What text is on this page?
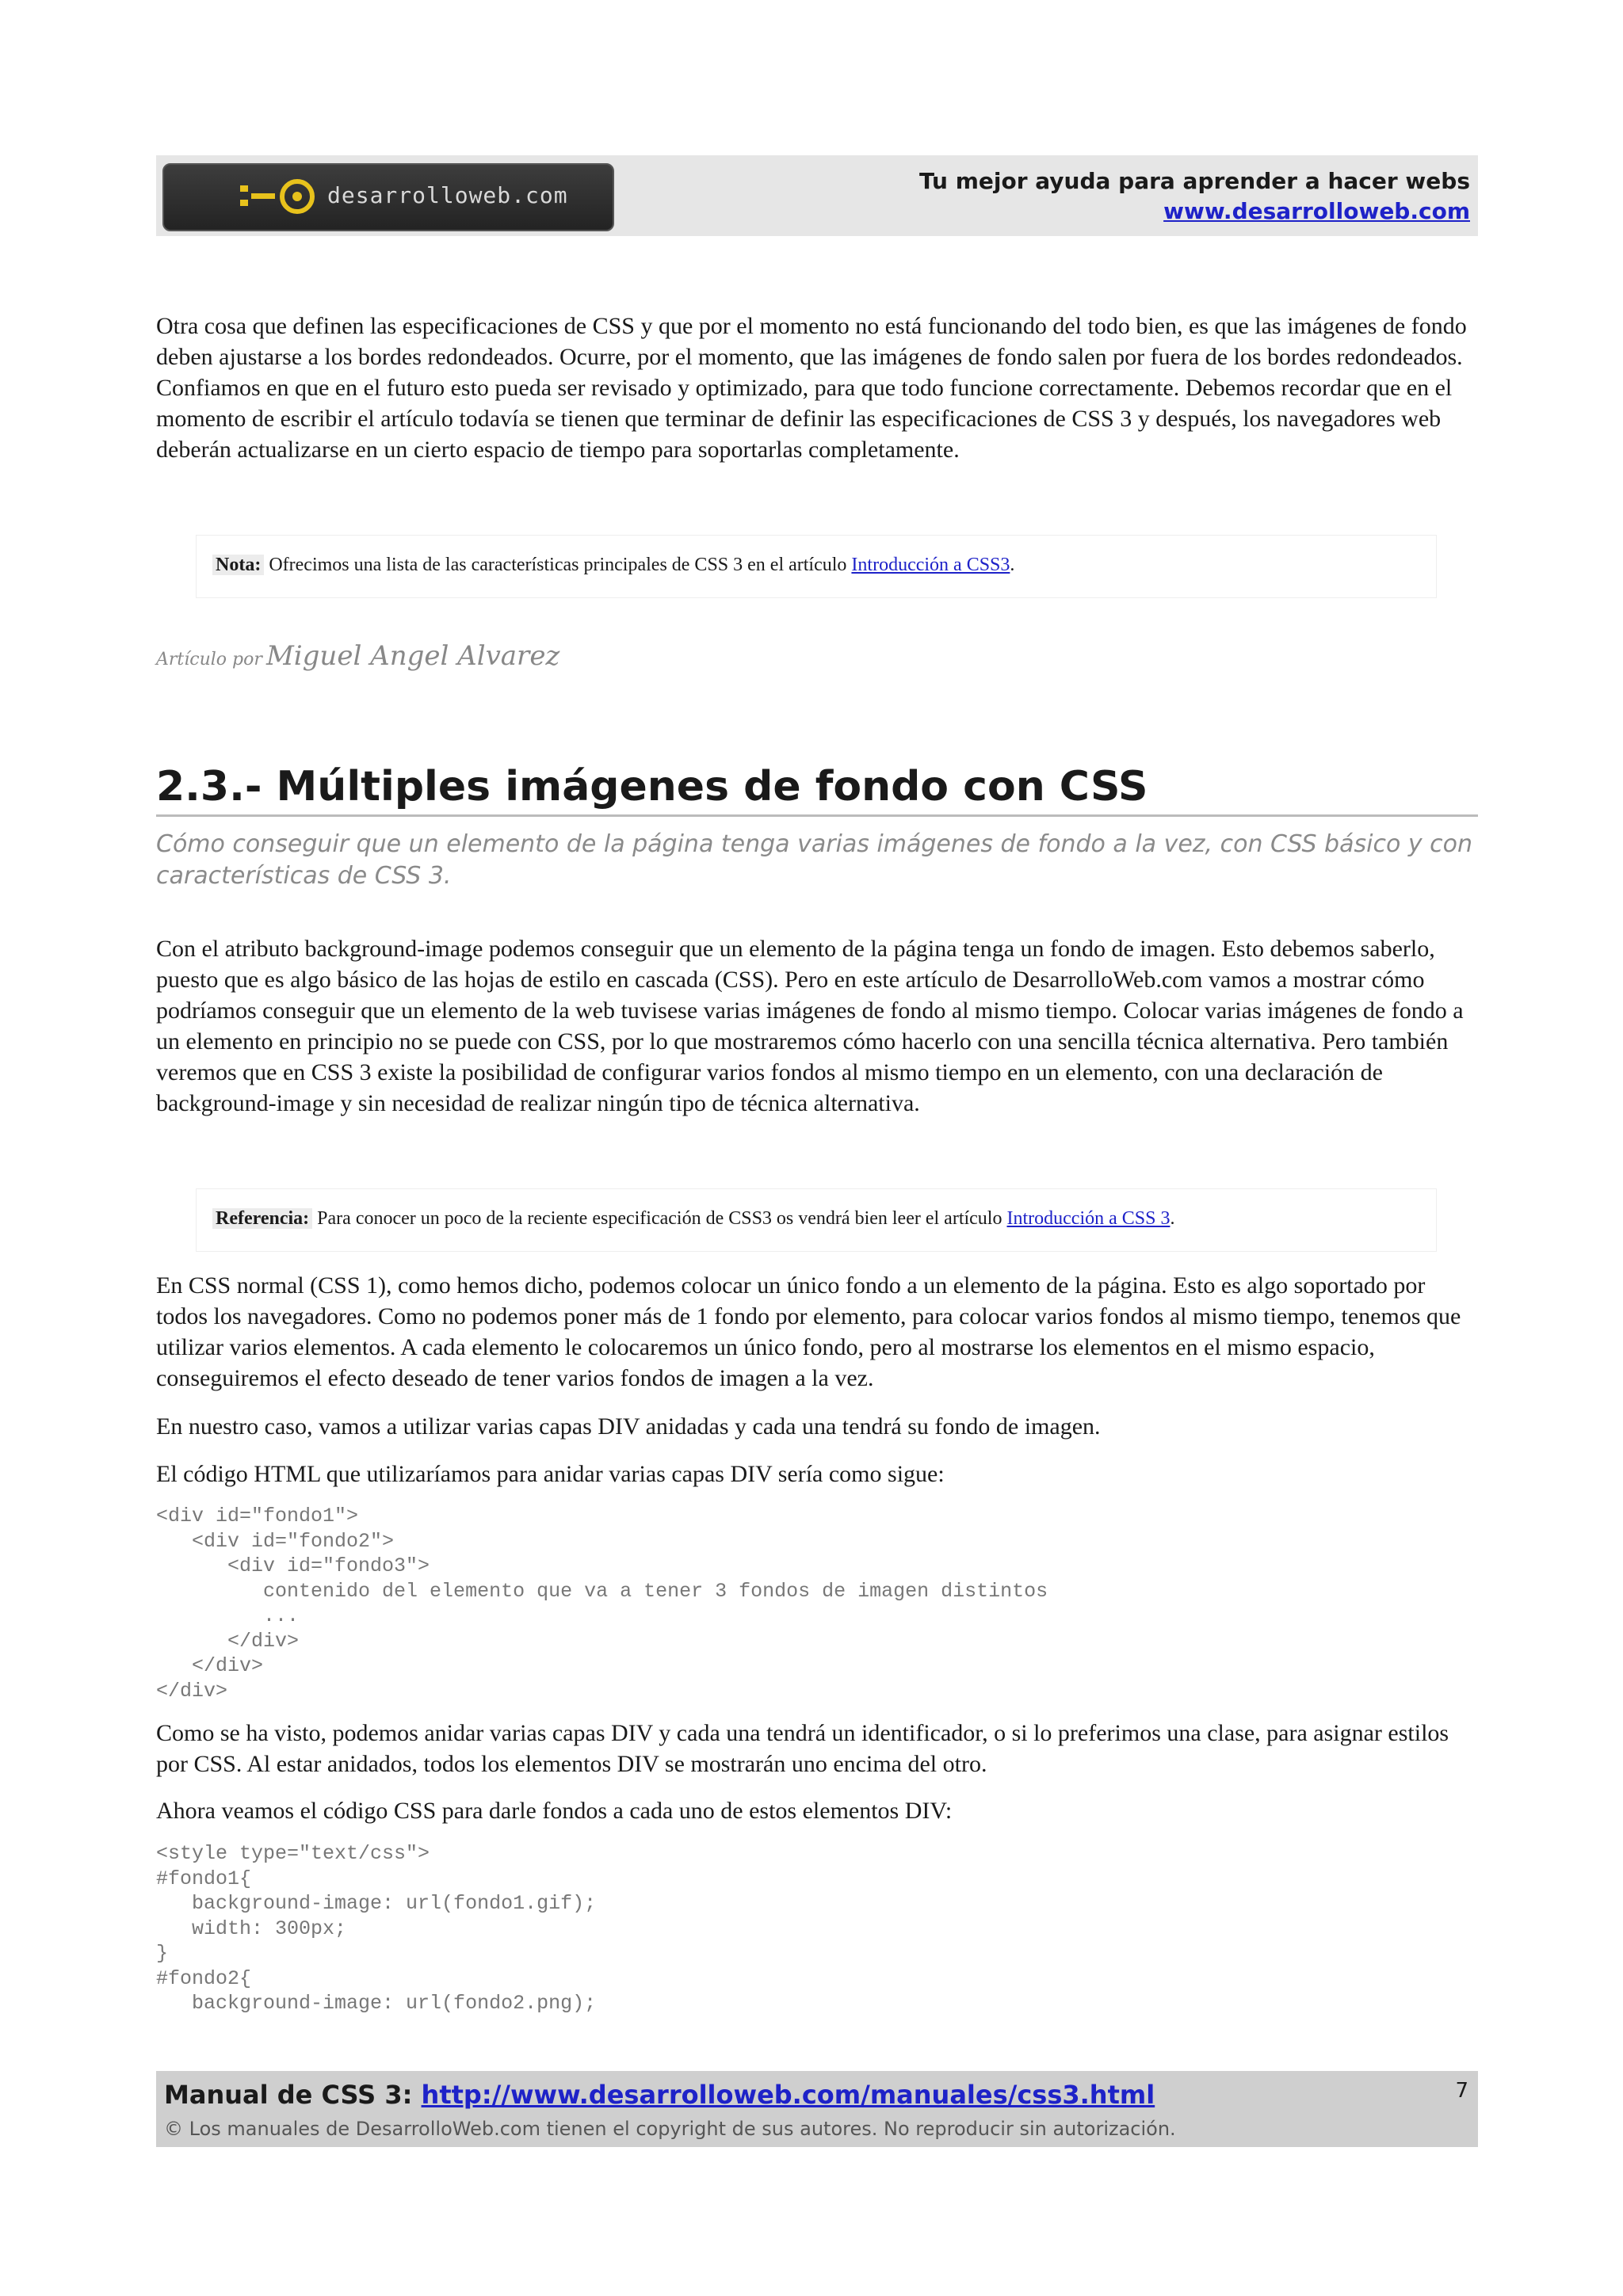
desarrolloweb.com
Tu mejor ayuda para aprender a hacer webs
www.desarrolloweb.com
Otra cosa que definen las especificaciones de CSS y que por el momento no está funcionando del todo bien, es que las imágenes de fondo deben ajustarse a los bordes redondeados. Ocurre, por el momento, que las imágenes de fondo salen por fuera de los bordes redondeados. Confiamos en que en el futuro esto pueda ser revisado y optimizado, para que todo funcione correctamente. Debemos recordar que en el momento de escribir el artículo todavía se tienen que terminar de definir las especificaciones de CSS 3 y después, los navegadores web deberán actualizarse en un cierto espacio de tiempo para soportarlas completamente.
Nota: Ofrecimos una lista de las características principales de CSS 3 en el artículo Introducción a CSS3.
Artículo por Miguel Angel Alvarez
2.3.- Múltiples imágenes de fondo con CSS
Cómo conseguir que un elemento de la página tenga varias imágenes de fondo a la vez, con CSS básico y con características de CSS 3.
Con el atributo background-image podemos conseguir que un elemento de la página tenga un fondo de imagen. Esto debemos saberlo, puesto que es algo básico de las hojas de estilo en cascada (CSS). Pero en este artículo de DesarrolloWeb.com vamos a mostrar cómo podríamos conseguir que un elemento de la web tuvisese varias imágenes de fondo al mismo tiempo. Colocar varias imágenes de fondo a un elemento en principio no se puede con CSS, por lo que mostraremos cómo hacerlo con una sencilla técnica alternativa. Pero también veremos que en CSS 3 existe la posibilidad de configurar varios fondos al mismo tiempo en un elemento, con una declaración de background-image y sin necesidad de realizar ningún tipo de técnica alternativa.
Referencia: Para conocer un poco de la reciente especificación de CSS3 os vendrá bien leer el artículo Introducción a CSS 3.
En CSS normal (CSS 1), como hemos dicho, podemos colocar un único fondo a un elemento de la página. Esto es algo soportado por todos los navegadores. Como no podemos poner más de 1 fondo por elemento, para colocar varios fondos al mismo tiempo, tenemos que utilizar varios elementos. A cada elemento le colocaremos un único fondo, pero al mostrarse los elementos en el mismo espacio, conseguiremos el efecto deseado de tener varios fondos de imagen a la vez.
En nuestro caso, vamos a utilizar varias capas DIV anidadas y cada una tendrá su fondo de imagen.
El código HTML que utilizaríamos para anidar varias capas DIV sería como sigue:
<div id="fondo1">
<div id="fondo2">
<div id="fondo3">
contenido del elemento que va a tener 3 fondos de imagen distintos
...
</div>
</div>
</div>
Como se ha visto, podemos anidar varias capas DIV y cada una tendrá un identificador, o si lo preferimos una clase, para asignar estilos por CSS. Al estar anidados, todos los elementos DIV se mostrarán uno encima del otro.
Ahora veamos el código CSS para darle fondos a cada uno de estos elementos DIV:
<style type="text/css">
#fondo1{
background-image: url(fondo1.gif);
width: 300px;
}
#fondo2{
background-image: url(fondo2.png);
Manual de CSS 3: http://www.desarrolloweb.com/manuales/css3.html
© Los manuales de DesarrolloWeb.com tienen el copyright de sus autores. No reproducir sin autorización.
7
